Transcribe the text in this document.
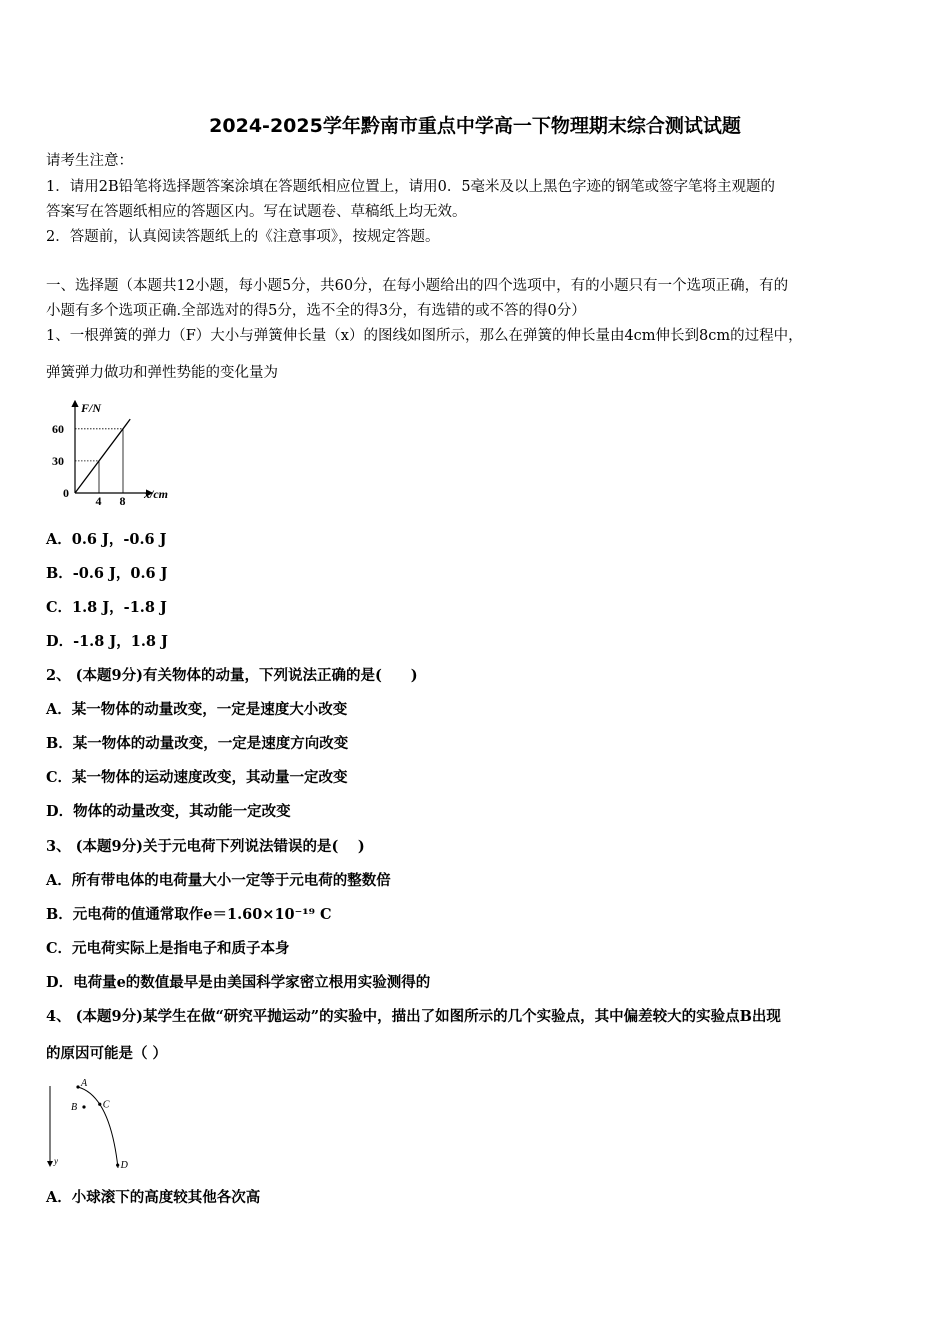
2024-2025学年黔南市重点中学高一下物理期末综合测试试题
请考生注意：
1．请用2B铅笔将选择题答案涂填在答题纸相应位置上，请用0．5毫米及以上黑色字迹的钢笔或签字笔将主观题的
答案写在答题纸相应的答题区内。写在试题卷、草稿纸上均无效。
2．答题前，认真阅读答题纸上的《注意事项》，按规定答题。
一、选择题（本题共12小题，每小题5分，共60分，在每小题给出的四个选项中，有的小题只有一个选项正确，有的
小题有多个选项正确.全部选对的得5分，选不全的得3分，有选错的或不答的得0分）
1、一根弹簧的弹力（F）大小与弹簧伸长量（x）的图线如图所示，那么在弹簧的伸长量由4cm伸长到8cm的过程中，
弹簧弹力做功和弹性势能的变化量为
30
60
4 8
F/N
x/cm
0
A．0.6 J，-0.6 J
B．-0.6 J，0.6 J
C．1.8 J，-1.8 J
D．-1.8 J，1.8 J
2、 (本题9分)有关物体的动量，下列说法正确的是(　　)
A．某一物体的动量改变，一定是速度大小改变
B．某一物体的动量改变，一定是速度方向改变
C．某一物体的运动速度改变，其动量一定改变
D．物体的动量改变，其动能一定改变
3、 (本题9分)关于元电荷下列说法错误的是(　 )
A．所有带电体的电荷量大小一定等于元电荷的整数倍
B．元电荷的值通常取作e＝1.60×10⁻¹⁹ C
C．元电荷实际上是指电子和质子本身
D．电荷量e的数值最早是由美国科学家密立根用实验测得的
4、 (本题9分)某学生在做“研究平抛运动”的实验中，描出了如图所示的几个实验点，其中偏差较大的实验点B出现
的原因可能是（ ）
y
A
B	C
D
A．小球滚下的高度较其他各次高
